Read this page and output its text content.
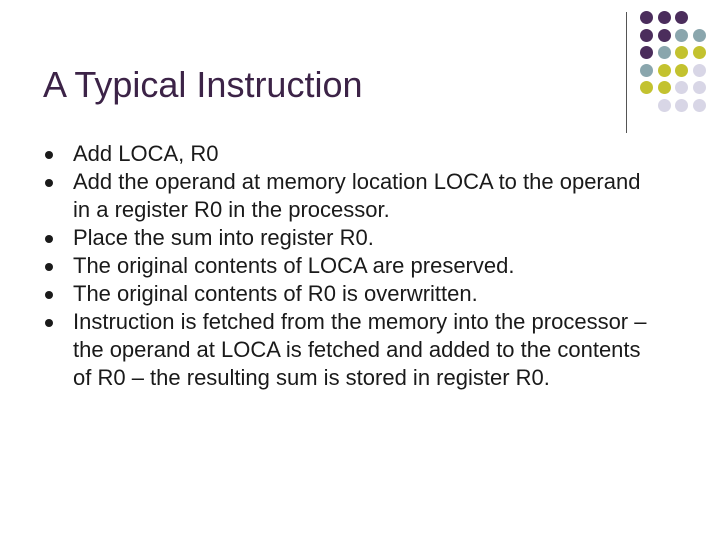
A Typical Instruction
Add LOCA, R0
Add the operand at memory location LOCA to the operand in a register R0 in the processor.
Place the sum into register R0.
The original contents of LOCA are preserved.
The original contents of R0 is overwritten.
Instruction is fetched from the memory into the processor – the operand at LOCA is fetched and added to the contents of R0 – the resulting sum is stored in register R0.
